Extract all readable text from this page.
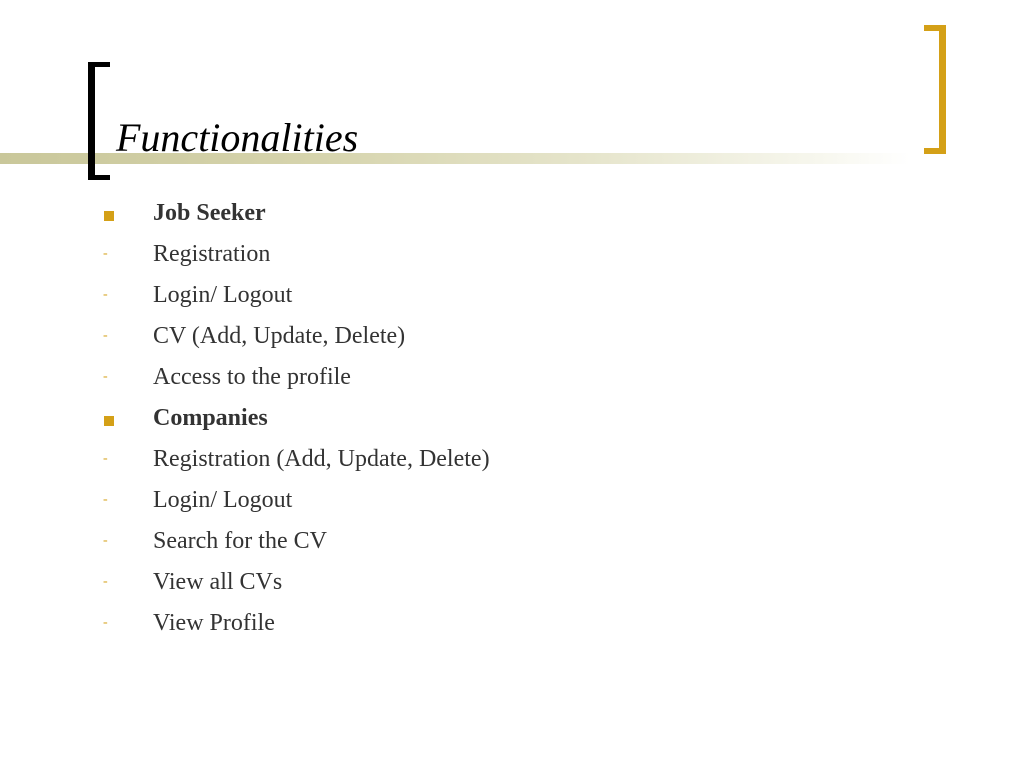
Functionalities
Job Seeker
- Registration
- Login/ Logout
- CV (Add, Update, Delete)
- Access to the profile
Companies
- Registration (Add, Update, Delete)
- Login/ Logout
- Search for the CV
- View all CVs
- View Profile
